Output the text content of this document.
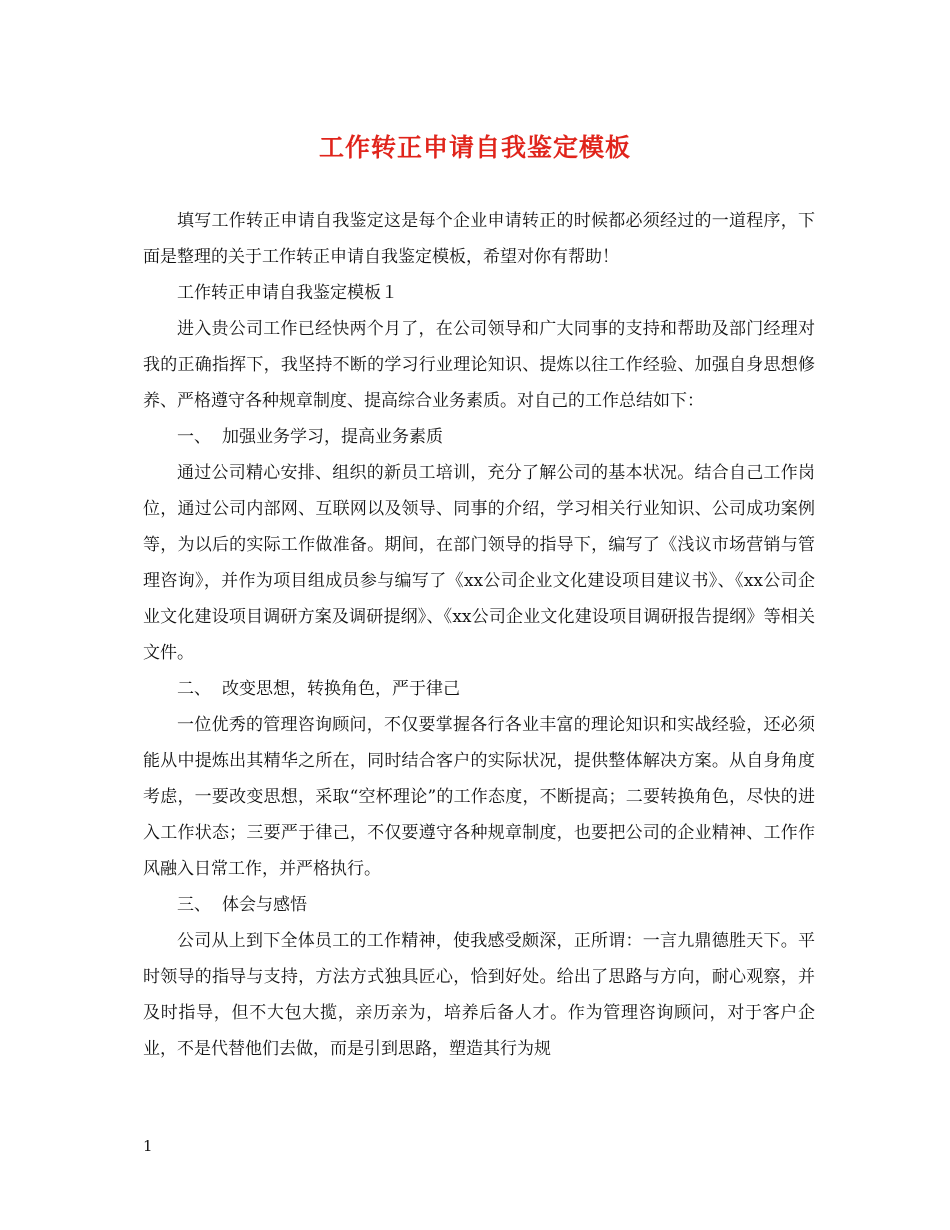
工作转正申请自我鉴定模板

填写工作转正申请自我鉴定这是每个企业申请转正的时候都必须经过的一道程序，下面是整理的关于工作转正申请自我鉴定模板，希望对你有帮助！

工作转正申请自我鉴定模板１

进入贵公司工作已经快两个月了，在公司领导和广大同事的支持和帮助及部门经理对我的正确指挥下，我坚持不断的学习行业理论知识、提炼以往工作经验、加强自身思想修养、严格遵守各种规章制度、提高综合业务素质。对自己的工作总结如下：

一、 加强业务学习，提高业务素质

通过公司精心安排、组织的新员工培训，充分了解公司的基本状况。结合自己工作岗位，通过公司内部网、互联网以及领导、同事的介绍，学习相关行业知识、公司成功案例等，为以后的实际工作做准备。期间，在部门领导的指导下，编写了《浅议市场营销与管理咨询》，并作为项目组成员参与编写了《xx公司企业文化建设项目建议书》、《xx公司企业文化建设项目调研方案及调研提纲》、《xx公司企业文化建设项目调研报告提纲》等相关文件。

二、 改变思想，转换角色，严于律己

一位优秀的管理咨询顾问，不仅要掌握各行各业丰富的理论知识和实战经验，还必须能从中提炼出其精华之所在，同时结合客户的实际状况，提供整体解决方案。从自身角度考虑，一要改变思想，采取“空杯理论”的工作态度，不断提高；二要转换角色，尽快的进入工作状态；三要严于律己，不仅要遵守各种规章制度，也要把公司的企业精神、工作作风融入日常工作，并严格执行。

三、 体会与感悟

公司从上到下全体员工的工作精神，使我感受颇深，正所谓：一言九鼎德胜天下。平时领导的指导与支持，方法方式独具匠心，恰到好处。给出了思路与方向，耐心观察，并及时指导，但不大包大揽，亲历亲为，培养后备人才。作为管理咨询顾问，对于客户企业，不是代替他们去做，而是引到思路，塑造其行为规

1
